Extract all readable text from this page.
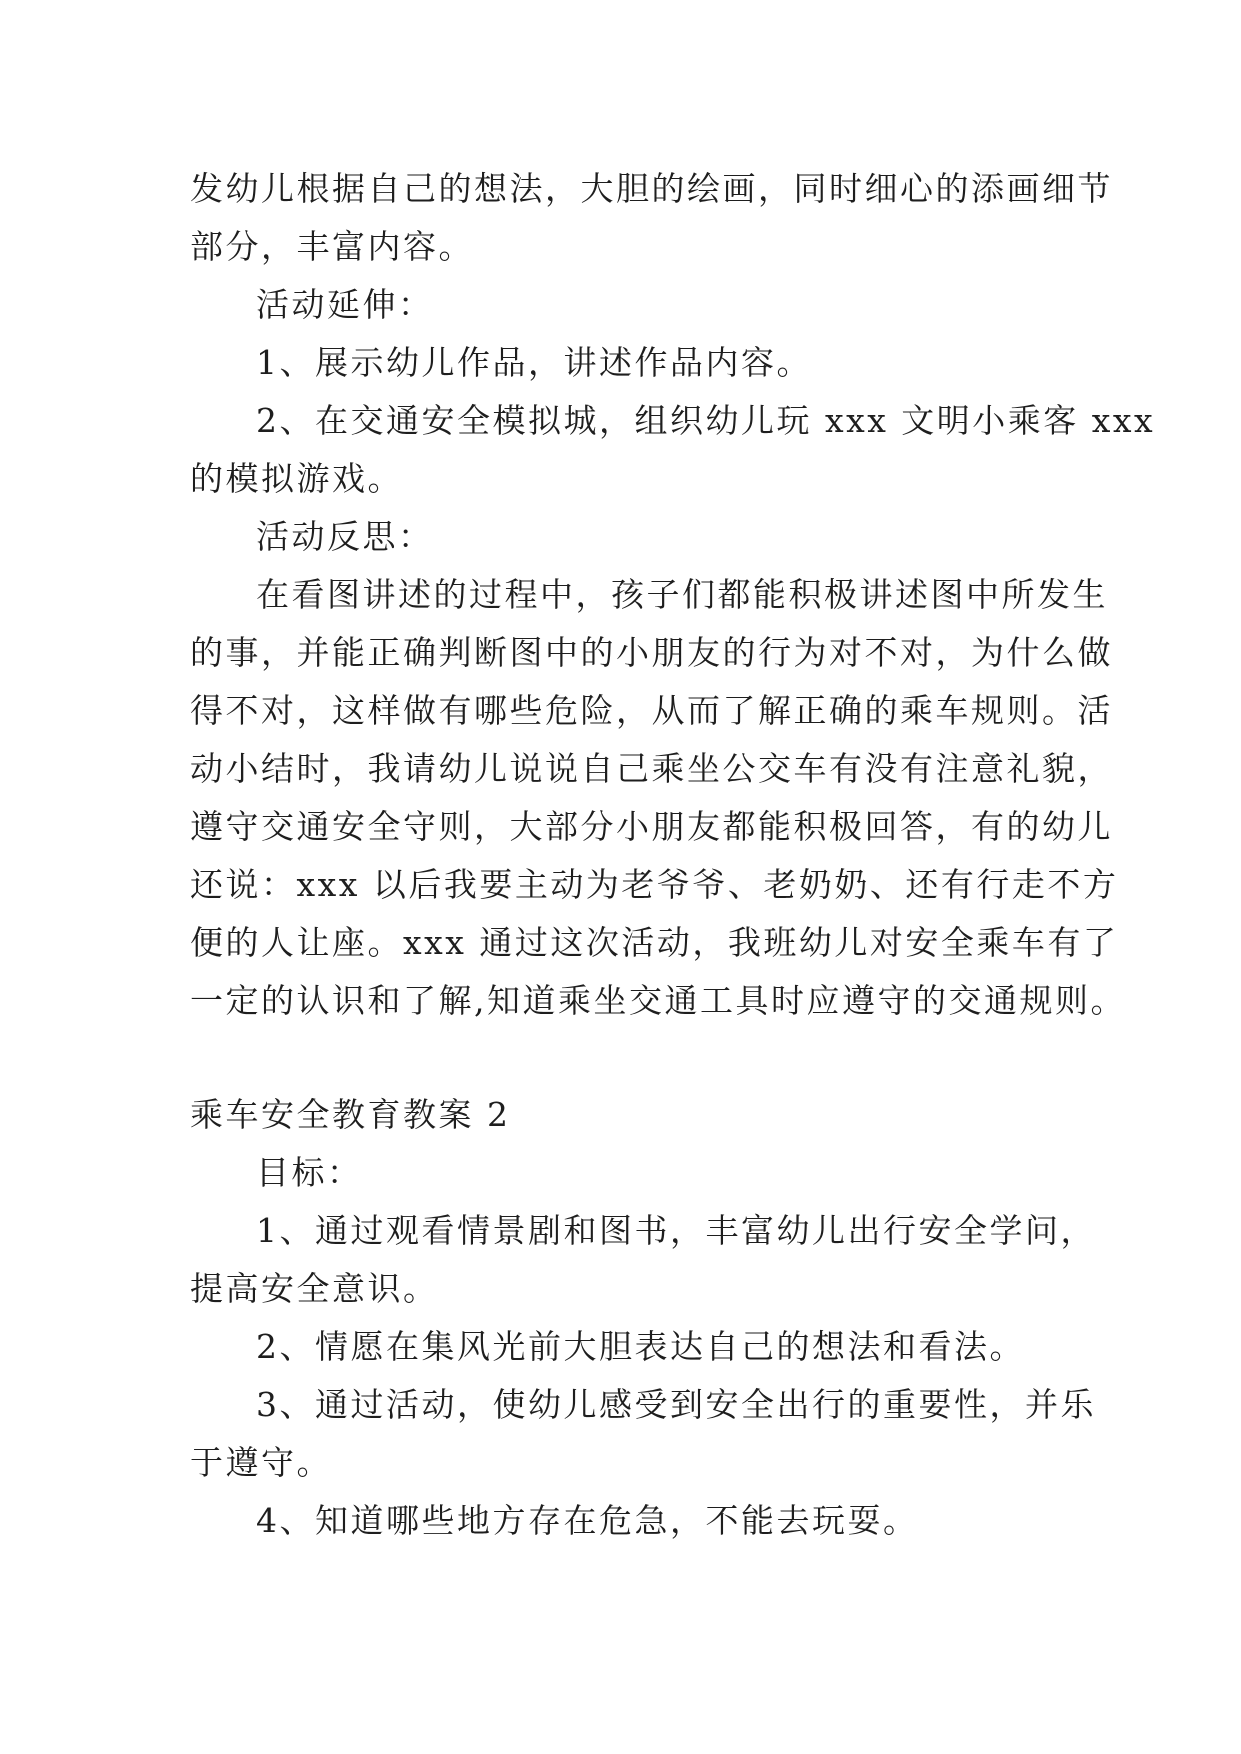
发幼儿根据自己的想法，大胆的绘画，同时细心的添画细节
部分，丰富内容。
活动延伸：
1、展示幼儿作品，讲述作品内容。
2、在交通安全模拟城，组织幼儿玩 xxx 文明小乘客 xxx
的模拟游戏。
活动反思：
在看图讲述的过程中，孩子们都能积极讲述图中所发生
的事，并能正确判断图中的小朋友的行为对不对，为什么做
得不对，这样做有哪些危险，从而了解正确的乘车规则。活
动小结时，我请幼儿说说自己乘坐公交车有没有注意礼貌，
遵守交通安全守则，大部分小朋友都能积极回答，有的幼儿
还说：xxx 以后我要主动为老爷爷、老奶奶、还有行走不方
便的人让座。xxx 通过这次活动，我班幼儿对安全乘车有了
一定的认识和了解,知道乘坐交通工具时应遵守的交通规则。
乘车安全教育教案 2
目标：
1、通过观看情景剧和图书，丰富幼儿出行安全学问，
提高安全意识。
2、情愿在集风光前大胆表达自己的想法和看法。
3、通过活动，使幼儿感受到安全出行的重要性，并乐
于遵守。
4、知道哪些地方存在危急，不能去玩耍。
